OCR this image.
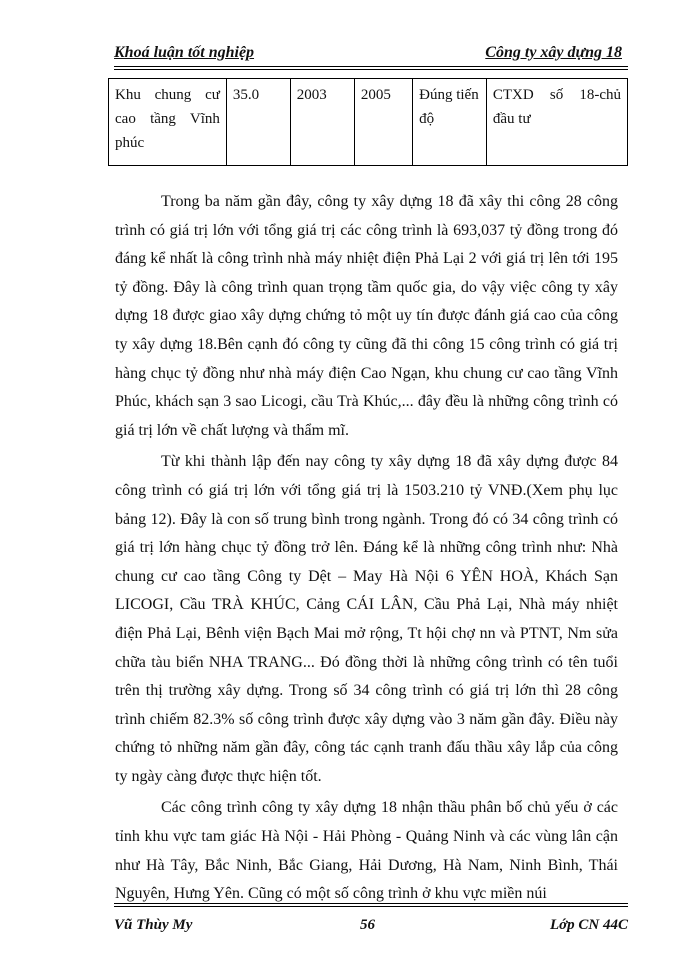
Khoá luận tốt nghiệp	Công ty xây dựng 18
Khu chung cư cao tầng Vĩnh phúc	35.0	2003	2005	Đúng tiến độ	CTXD số 18-chủ đầu tư

Trong ba năm gần đây, công ty xây dựng 18 đã xây thi công 28 công trình có giá trị lớn với tổng giá trị các công trình là 693,037 tỷ đồng trong đó đáng kể nhất là công trình nhà máy nhiệt điện Phả Lại 2 với giá trị lên tới 195 tỷ đồng. Đây là công trình quan trọng tầm quốc gia, do vậy việc công ty xây dựng 18 được giao xây dựng chứng tỏ một uy tín được đánh giá cao của công ty xây dựng 18.Bên cạnh đó công ty cũng đã thi công 15 công trình có giá trị hàng chục tỷ đồng như nhà máy điện Cao Ngạn, khu chung cư cao tầng Vĩnh Phúc, khách sạn 3 sao Licogi, cầu Trà Khúc,... đây đều là những công trình có giá trị lớn về chất lượng và thẩm mĩ.

Từ khi thành lập đến nay công ty xây dựng 18 đã xây dựng được 84 công trình có giá trị lớn với tổng giá trị là 1503.210 tỷ VNĐ.(Xem phụ lục bảng 12). Đây là con số trung bình trong ngành. Trong đó có 34 công trình có giá trị lớn hàng chục tỷ đồng trở lên. Đáng kể là những công trình như: Nhà chung cư cao tầng Công ty Dệt – May Hà Nội 6 YÊN HOÀ, Khách Sạn LICOGI, Cầu TRÀ KHÚC, Cảng CÁI LÂN, Cầu Phả Lại, Nhà máy nhiệt điện Phả Lại, Bênh viện Bạch Mai mở rộng, Tt hội chợ nn và PTNT, Nm sửa chữa tàu biển NHA TRANG... Đó đồng thời là những công trình có tên tuổi trên thị trường xây dựng. Trong số 34 công trình có giá trị lớn thì 28 công trình chiếm 82.3% số công trình được xây dựng vào 3 năm gần đây. Điều này chứng tỏ những năm gần đây, công tác cạnh tranh đấu thầu xây lắp của công ty ngày càng được thực hiện tốt.

Các công trình công ty xây dựng 18 nhận thầu phân bố chủ yếu ở các tỉnh khu vực tam giác Hà Nội - Hải Phòng - Quảng Ninh và các vùng lân cận như Hà Tây, Bắc Ninh, Bắc Giang, Hải Dương, Hà Nam, Ninh Bình, Thái Nguyên, Hưng Yên. Cũng có một số công trình ở khu vực miền núi

Vũ Thùy My	56	Lớp CN 44C
